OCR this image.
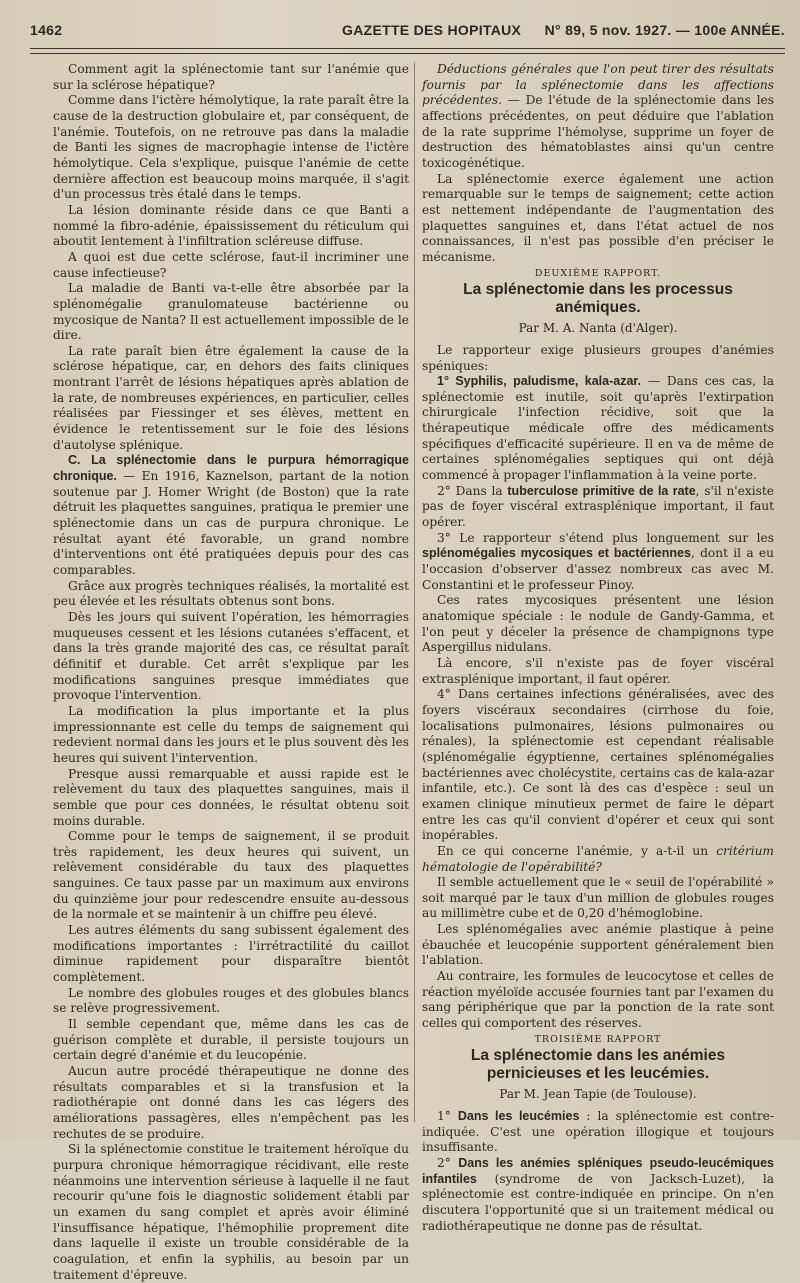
1462	GAZETTE DES HOPITAUX N° 89, 5 nov. 1927. — 100e ANNÉE.

Comment agit la splénectomie tant sur l'anémie que sur la sclérose hépatique?

Comme dans l'ictère hémolytique, la rate paraît être la cause de la destruction globulaire et, par conséquent, de l'anémie. Toutefois, on ne retrouve pas dans la maladie de Banti les signes de macrophagie intense de l'ictère hémolytique. Cela s'explique, puisque l'anémie de cette dernière affection est beaucoup moins marquée, il s'agit d'un processus très étalé dans le temps.

La lésion dominante réside dans ce que Banti a nommé la fibro-adénie, épaississement du réticulum qui aboutit lentement à l'infiltration scléreuse diffuse.

A quoi est due cette sclérose, faut-il incriminer une cause infectieuse?

La maladie de Banti va-t-elle être absorbée par la splénomégalie granulomateuse bactérienne ou mycosique de Nanta? Il est actuellement impossible de le dire.

La rate paraît bien être également la cause de la sclérose hépatique, car, en dehors des faits cliniques montrant l'arrêt de lésions hépatiques après ablation de la rate, de nombreuses expériences, en particulier, celles réalisées par Fiessinger et ses élèves, mettent en évidence le retentissement sur le foie des lésions d'autolyse splénique.

C. La splénectomie dans le purpura hémorragique chronique. — En 1916, Kaznelson, partant de la notion soutenue par J. Homer Wright (de Boston) que la rate détruit les plaquettes sanguines, pratiqua le premier une splénectomie dans un cas de purpura chronique. Le résultat ayant été favorable, un grand nombre d'interventions ont été pratiquées depuis pour des cas comparables.

Grâce aux progrès techniques réalisés, la mortalité est peu élevée et les résultats obtenus sont bons.

Dès les jours qui suivent l'opération, les hémorragies muqueuses cessent et les lésions cutanées s'effacent, et dans la très grande majorité des cas, ce résultat paraît définitif et durable. Cet arrêt s'explique par les modifications sanguines presque immédiates que provoque l'intervention.

La modification la plus importante et la plus impressionnante est celle du temps de saignement qui redevient normal dans les jours et le plus souvent dès les heures qui suivent l'intervention.

Presque aussi remarquable et aussi rapide est le relèvement du taux des plaquettes sanguines, mais il semble que pour ces données, le résultat obtenu soit moins durable.

Comme pour le temps de saignement, il se produit très rapidement, les deux heures qui suivent, un relèvement considérable du taux des plaquettes sanguines. Ce taux passe par un maximum aux environs du quinzième jour pour redescendre ensuite au-dessous de la normale et se maintenir à un chiffre peu élevé.

Les autres éléments du sang subissent également des modifications importantes : l'irrétractilité du caillot diminue rapidement pour disparaître bientôt complètement.

Le nombre des globules rouges et des globules blancs se relève progressivement.

Il semble cependant que, même dans les cas de guérison complète et durable, il persiste toujours un certain degré d'anémie et du leucopénie.

Aucun autre procédé thérapeutique ne donne des résultats comparables et si la transfusion et la radiothérapie ont donné dans les cas légers des améliorations passagères, elles n'empêchent pas les rechutes de se produire.

Si la splénectomie constitue le traitement héroïque du purpura chronique hémorragique récidivant, elle reste néanmoins une intervention sérieuse à laquelle il ne faut recourir qu'une fois le diagnostic solidement établi par un examen du sang complet et après avoir éliminé l'insuffisance hépatique, l'hémophilie proprement dite dans laquelle il existe un trouble considérable de la coagulation, et enfin la syphilis, au besoin par un traitement d'épreuve.

Déductions générales que l'on peut tirer des résultats fournis par la splénectomie dans les affections précédentes. — De l'étude de la splénectomie dans les affections précédentes, on peut déduire que l'ablation de la rate supprime l'hémolyse, supprime un foyer de destruction des hématoblastes ainsi qu'un centre toxicogénétique.

La splénectomie exerce également une action remarquable sur le temps de saignement; cette action est nettement indépendante de l'augmentation des plaquettes sanguines et, dans l'état actuel de nos connaissances, il n'est pas possible d'en préciser le mécanisme.

DEUXIÈME RAPPORT.

La splénectomie dans les processus anémiques.
Par M. A. Nanta (d'Alger).

Le rapporteur exige plusieurs groupes d'anémies spéniques:

1° Syphilis, paludisme, kala-azar. — Dans ces cas, la splénectomie est inutile, soit qu'après l'extirpation chirurgicale l'infection récidive, soit que la thérapeutique médicale offre des médicaments spécifiques d'efficacité supérieure. Il en va de même de certaines splénomégalies septiques qui ont déjà commencé à propager l'inflammation à la veine porte.

2° Dans la tuberculose primitive de la rate, s'il n'existe pas de foyer viscéral extrasplénique important, il faut opérer.

3° Le rapporteur s'étend plus longuement sur les splénomégalies mycosiques et bactériennes, dont il a eu l'occasion d'observer d'assez nombreux cas avec M. Constantini et le professeur Pinoy.

Ces rates mycosiques présentent une lésion anatomique spéciale : le nodule de Gandy-Gamma, et l'on peut y déceler la présence de champignons type Aspergillus nidulans.

Là encore, s'il n'existe pas de foyer viscéral extrasplénique important, il faut opérer.

4° Dans certaines infections généralisées, avec des foyers viscéraux secondaires (cirrhose du foie, localisations pulmonaires, lésions pulmonaires ou rénales), la splénectomie est cependant réalisable (splénomégalie égyptienne, certaines splénomégalies bactériennes avec cholécystite, certains cas de kala-azar infantile, etc.). Ce sont là des cas d'espèce : seul un examen clinique minutieux permet de faire le départ entre les cas qu'il convient d'opérer et ceux qui sont inopérables.

En ce qui concerne l'anémie, y a-t-il un critérium hématologie de l'opérabilité?

Il semble actuellement que le « seuil de l'opérabilité » soit marqué par le taux d'un million de globules rouges au millimètre cube et de 0,20 d'hémoglobine.

Les splénomégalies avec anémie plastique à peine ébauchée et leucopénie supportent généralement bien l'ablation.

Au contraire, les formules de leucocytose et celles de réaction myéloïde accusée fournies tant par l'examen du sang périphérique que par la ponction de la rate sont celles qui comportent des réserves.

TROISIÈME RAPPORT

La splénectomie dans les anémies pernicieuses et les leucémies.
Par M. Jean Tapie (de Toulouse).

1° Dans les leucémies : la splénectomie est contre-indiquée. C'est une opération illogique et toujours insuffisante.

2° Dans les anémies spléniques pseudo-leucémiques infantiles (syndrome de von Jacksch-Luzet), la splénectomie est contre-indiquée en principe. On n'en discutera l'opportunité que si un traitement médical ou radiothérapeutique ne donne pas de résultat.
